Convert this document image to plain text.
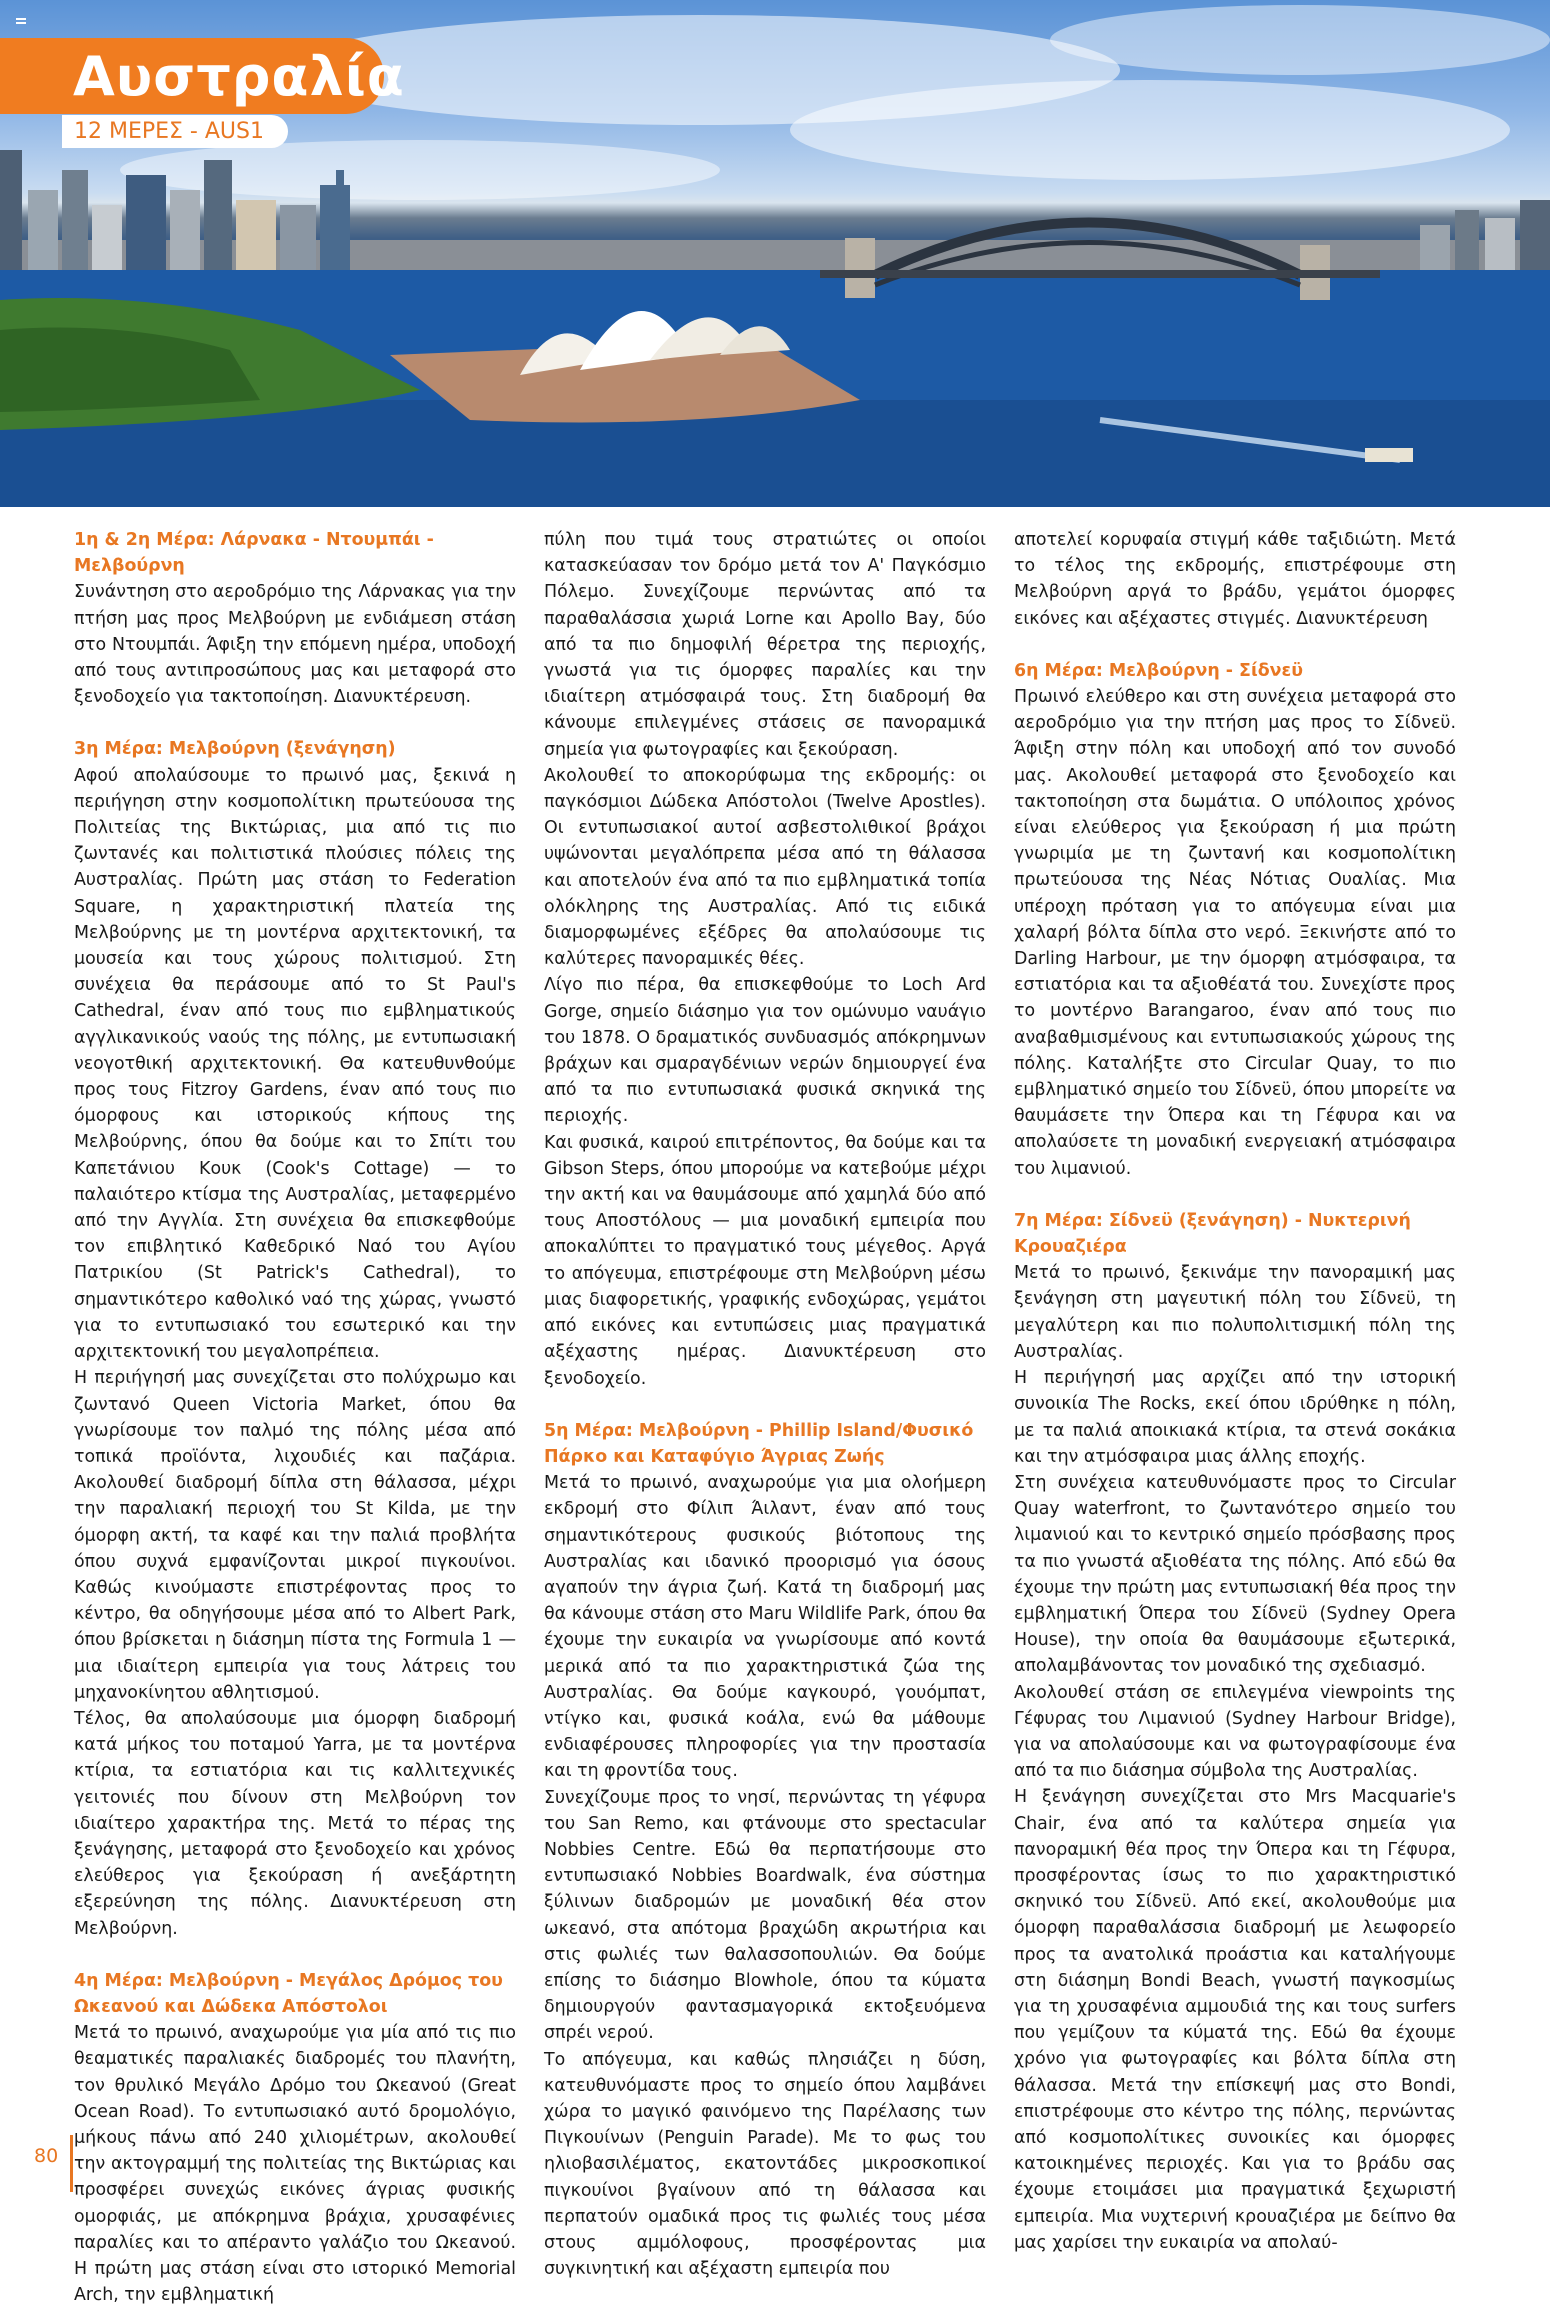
Αυστραλία
12 ΜΕΡΕΣ - AUS1
1η & 2η Μέρα: Λάρνακα - Ντουμπάι - Μελβούρνη

Συνάντηση στο αεροδρόμιο της Λάρνακας για την πτήση μας προς Μελβούρνη με ενδιάμεση στάση στο Ντουμπάι. Άφιξη την επόμενη ημέρα, υποδοχή από τους αντιπροσώπους μας και μεταφορά στο ξενοδοχείο για τακτοποίηση. Διανυκτέρευση.

3η Μέρα: Μελβούρνη (ξενάγηση)

Αφού απολαύσουμε το πρωινό μας, ξεκινά η περιήγηση στην κοσμοπολίτικη πρωτεύουσα της Πολιτείας της Βικτώριας, μια από τις πιο ζωντανές και πολιτιστικά πλούσιες πόλεις της Αυστραλίας. Πρώτη μας στάση το Federation Square, η χαρακτηριστική πλατεία της Μελβούρνης με τη μοντέρνα αρχιτεκτονική, τα μουσεία και τους χώρους πολιτισμού. Στη συνέχεια θα περάσουμε από το St Paul's Cathedral, έναν από τους πιο εμβληματικούς αγγλικανικούς ναούς της πόλης, με εντυπωσιακή νεογοτθική αρχιτεκτονική. Θα κατευθυνθούμε προς τους Fitzroy Gardens, έναν από τους πιο όμορφους και ιστορικούς κήπους της Μελβούρνης, όπου θα δούμε και το Σπίτι του Καπετάνιου Κουκ (Cook's Cottage) — το παλαιότερο κτίσμα της Αυστραλίας, μεταφερμένο από την Αγγλία. Στη συνέχεια θα επισκεφθούμε τον επιβλητικό Καθεδρικό Ναό του Αγίου Πατρικίου (St Patrick's Cathedral), το σημαντικότερο καθολικό ναό της χώρας, γνωστό για το εντυπωσιακό του εσωτερικό και την αρχιτεκτονική του μεγαλοπρέπεια.

Η περιήγησή μας συνεχίζεται στο πολύχρωμο και ζωντανό Queen Victoria Market, όπου θα γνωρίσουμε τον παλμό της πόλης μέσα από τοπικά προϊόντα, λιχουδιές και παζάρια. Ακολουθεί διαδρομή δίπλα στη θάλασσα, μέχρι την παραλιακή περιοχή του St Kilda, με την όμορφη ακτή, τα καφέ και την παλιά προβλήτα όπου συχνά εμφανίζονται μικροί πιγκουίνοι. Καθώς κινούμαστε επιστρέφοντας προς το κέντρο, θα οδηγήσουμε μέσα από το Albert Park, όπου βρίσκεται η διάσημη πίστα της Formula 1 — μια ιδιαίτερη εμπειρία για τους λάτρεις του μηχανοκίνητου αθλητισμού.

Τέλος, θα απολαύσουμε μια όμορφη διαδρομή κατά μήκος του ποταμού Yarra, με τα μοντέρνα κτίρια, τα εστιατόρια και τις καλλιτεχνικές γειτονιές που δίνουν στη Μελβούρνη τον ιδιαίτερο χαρακτήρα της. Μετά το πέρας της ξενάγησης, μεταφορά στο ξενοδοχείο και χρόνος ελεύθερος για ξεκούραση ή ανεξάρτητη εξερεύνηση της πόλης. Διανυκτέρευση στη Μελβούρνη.

4η Μέρα: Μελβούρνη - Μεγάλος Δρόμος του Ωκεανού και Δώδεκα Απόστολοι

Μετά το πρωινό, αναχωρούμε για μία από τις πιο θεαματικές παραλιακές διαδρομές του πλανήτη, τον θρυλικό Μεγάλο Δρόμο του Ωκεανού (Great Ocean Road). Το εντυπωσιακό αυτό δρομολόγιο, μήκους πάνω από 240 χιλιομέτρων, ακολουθεί την ακτογραμμή της πολιτείας της Βικτώριας και προσφέρει συνεχώς εικόνες άγριας φυσικής ομορφιάς, με απόκρημνα βράχια, χρυσαφένιες παραλίες και το απέραντο γαλάζιο του Ωκεανού. Η πρώτη μας στάση είναι στο ιστορικό Memorial Arch, την εμβληματική

πύλη που τιμά τους στρατιώτες οι οποίοι κατασκεύασαν τον δρόμο μετά τον Α' Παγκόσμιο Πόλεμο. Συνεχίζουμε περνώντας από τα παραθαλάσσια χωριά Lorne και Apollo Bay, δύο από τα πιο δημοφιλή θέρετρα της περιοχής, γνωστά για τις όμορφες παραλίες και την ιδιαίτερη ατμόσφαιρά τους. Στη διαδρομή θα κάνουμε επιλεγμένες στάσεις σε πανοραμικά σημεία για φωτογραφίες και ξεκούραση.

Ακολουθεί το αποκορύφωμα της εκδρομής: οι παγκόσμιοι Δώδεκα Απόστολοι (Twelve Apostles). Οι εντυπωσιακοί αυτοί ασβεστολιθικοί βράχοι υψώνονται μεγαλόπρεπα μέσα από τη θάλασσα και αποτελούν ένα από τα πιο εμβληματικά τοπία ολόκληρης της Αυστραλίας. Από τις ειδικά διαμορφωμένες εξέδρες θα απολαύσουμε τις καλύτερες πανοραμικές θέες.

Λίγο πιο πέρα, θα επισκεφθούμε το Loch Ard Gorge, σημείο διάσημο για τον ομώνυμο ναυάγιο του 1878. Ο δραματικός συνδυασμός απόκρημνων βράχων και σμαραγδένιων νερών δημιουργεί ένα από τα πιο εντυπωσιακά φυσικά σκηνικά της περιοχής.

Και φυσικά, καιρού επιτρέποντος, θα δούμε και τα Gibson Steps, όπου μπορούμε να κατεβούμε μέχρι την ακτή και να θαυμάσουμε από χαμηλά δύο από τους Αποστόλους — μια μοναδική εμπειρία που αποκαλύπτει το πραγματικό τους μέγεθος. Αργά το απόγευμα, επιστρέφουμε στη Μελβούρνη μέσω μιας διαφορετικής, γραφικής ενδοχώρας, γεμάτοι από εικόνες και εντυπώσεις μιας πραγματικά αξέχαστης ημέρας. Διανυκτέρευση στο ξενοδοχείο.

5η Μέρα: Μελβούρνη - Phillip Island/Φυσικό Πάρκο και Καταφύγιο Άγριας Ζωής

Μετά το πρωινό, αναχωρούμε για μια ολοήμερη εκδρομή στο Φίλιπ Άιλαντ, έναν από τους σημαντικότερους φυσικούς βιότοπους της Αυστραλίας και ιδανικό προορισμό για όσους αγαπούν την άγρια ζωή. Κατά τη διαδρομή μας θα κάνουμε στάση στο Maru Wildlife Park, όπου θα έχουμε την ευκαιρία να γνωρίσουμε από κοντά μερικά από τα πιο χαρακτηριστικά ζώα της Αυστραλίας. Θα δούμε καγκουρό, γουόμπατ, ντίγκο και, φυσικά κοάλα, ενώ θα μάθουμε ενδιαφέρουσες πληροφορίες για την προστασία και τη φροντίδα τους.

Συνεχίζουμε προς το νησί, περνώντας τη γέφυρα του San Remo, και φτάνουμε στο spectacular Nobbies Centre. Εδώ θα περπατήσουμε στο εντυπωσιακό Nobbies Boardwalk, ένα σύστημα ξύλινων διαδρομών με μοναδική θέα στον ωκεανό, στα απότομα βραχώδη ακρωτήρια και στις φωλιές των θαλασσοπουλιών. Θα δούμε επίσης το διάσημο Blowhole, όπου τα κύματα δημιουργούν φαντασμαγορικά εκτοξευόμενα σπρέι νερού.

Το απόγευμα, και καθώς πλησιάζει η δύση, κατευθυνόμαστε προς το σημείο όπου λαμβάνει χώρα το μαγικό φαινόμενο της Παρέλασης των Πιγκουίνων (Penguin Parade). Με το φως του ηλιοβασιλέματος, εκατοντάδες μικροσκοπικοί πιγκουίνοι βγαίνουν από τη θάλασσα και περπατούν ομαδικά προς τις φωλιές τους μέσα στους αμμόλοφους, προσφέροντας μια συγκινητική και αξέχαστη εμπειρία που

αποτελεί κορυφαία στιγμή κάθε ταξιδιώτη. Μετά το τέλος της εκδρομής, επιστρέφουμε στη Μελβούρνη αργά το βράδυ, γεμάτοι όμορφες εικόνες και αξέχαστες στιγμές. Διανυκτέρευση

6η Μέρα: Μελβούρνη - Σίδνεϋ

Πρωινό ελεύθερο και στη συνέχεια μεταφορά στο αεροδρόμιο για την πτήση μας προς το Σίδνεϋ. Άφιξη στην πόλη και υποδοχή από τον συνοδό μας. Ακολουθεί μεταφορά στο ξενοδοχείο και τακτοποίηση στα δωμάτια. Ο υπόλοιπος χρόνος είναι ελεύθερος για ξεκούραση ή μια πρώτη γνωριμία με τη ζωντανή και κοσμοπολίτικη πρωτεύουσα της Νέας Νότιας Ουαλίας. Μια υπέροχη πρόταση για το απόγευμα είναι μια χαλαρή βόλτα δίπλα στο νερό. Ξεκινήστε από το Darling Harbour, με την όμορφη ατμόσφαιρα, τα εστιατόρια και τα αξιοθέατά του. Συνεχίστε προς το μοντέρνο Barangaroo, έναν από τους πιο αναβαθμισμένους και εντυπωσιακούς χώρους της πόλης. Καταλήξτε στο Circular Quay, το πιο εμβληματικό σημείο του Σίδνεϋ, όπου μπορείτε να θαυμάσετε την Όπερα και τη Γέφυρα και να απολαύσετε τη μοναδική ενεργειακή ατμόσφαιρα του λιμανιού.

7η Μέρα: Σίδνεϋ (ξενάγηση) - Νυκτερινή Κρουαζιέρα

Μετά το πρωινό, ξεκινάμε την πανοραμική μας ξενάγηση στη μαγευτική πόλη του Σίδνεϋ, τη μεγαλύτερη και πιο πολυπολιτισμική πόλη της Αυστραλίας.

Η περιήγησή μας αρχίζει από την ιστορική συνοικία The Rocks, εκεί όπου ιδρύθηκε η πόλη, με τα παλιά αποικιακά κτίρια, τα στενά σοκάκια και την ατμόσφαιρα μιας άλλης εποχής.

Στη συνέχεια κατευθυνόμαστε προς το Circular Quay waterfront, το ζωντανότερο σημείο του λιμανιού και το κεντρικό σημείο πρόσβασης προς τα πιο γνωστά αξιοθέατα της πόλης. Από εδώ θα έχουμε την πρώτη μας εντυπωσιακή θέα προς την εμβληματική Όπερα του Σίδνεϋ (Sydney Opera House), την οποία θα θαυμάσουμε εξωτερικά, απολαμβάνοντας τον μοναδικό της σχεδιασμό.

Ακολουθεί στάση σε επιλεγμένα viewpoints της Γέφυρας του Λιμανιού (Sydney Harbour Bridge), για να απολαύσουμε και να φωτογραφίσουμε ένα από τα πιο διάσημα σύμβολα της Αυστραλίας.

Η ξενάγηση συνεχίζεται στο Mrs Macquarie's Chair, ένα από τα καλύτερα σημεία για πανοραμική θέα προς την Όπερα και τη Γέφυρα, προσφέροντας ίσως το πιο χαρακτηριστικό σκηνικό του Σίδνεϋ. Από εκεί, ακολουθούμε μια όμορφη παραθαλάσσια διαδρομή με λεωφορείο προς τα ανατολικά προάστια και καταλήγουμε στη διάσημη Bondi Beach, γνωστή παγκοσμίως για τη χρυσαφένια αμμουδιά της και τους surfers που γεμίζουν τα κύματά της. Εδώ θα έχουμε χρόνο για φωτογραφίες και βόλτα δίπλα στη θάλασσα. Μετά την επίσκεψή μας στο Bondi, επιστρέφουμε στο κέντρο της πόλης, περνώντας από κοσμοπολίτικες συνοικίες και όμορφες κατοικημένες περιοχές. Και για το βράδυ σας έχουμε ετοιμάσει μια πραγματικά ξεχωριστή εμπειρία. Μια νυχτερινή κρουαζιέρα με δείπνο θα μας χαρίσει την ευκαιρία να απολαύ-

80
